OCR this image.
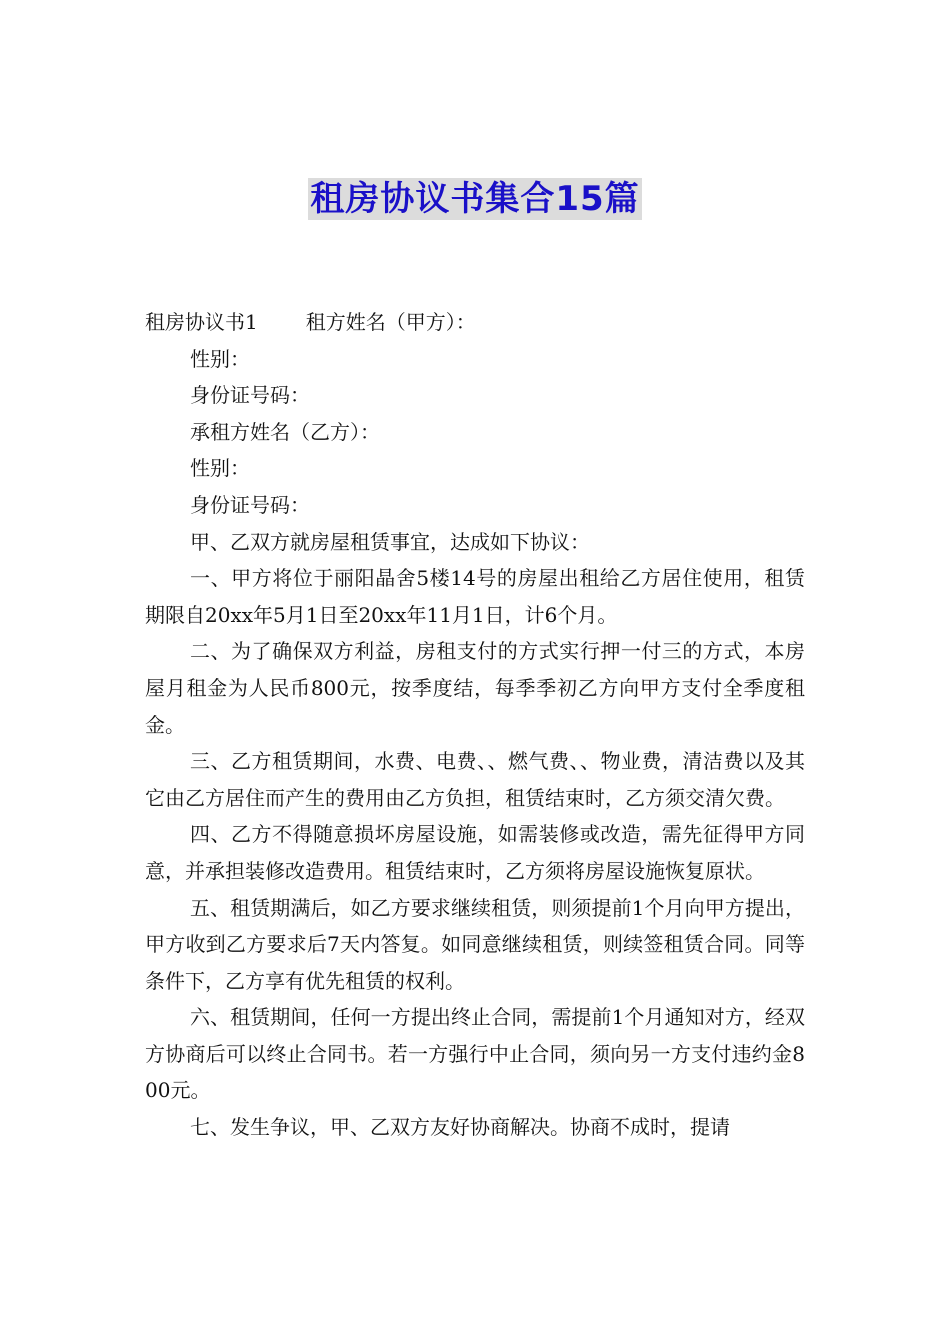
租房协议书集合15篇
租房协议书1 租方姓名（甲方）：
性别：
身份证号码：
承租方姓名（乙方）：
性别：
身份证号码：
甲、乙双方就房屋租赁事宜，达成如下协议：

一、甲方将位于丽阳晶舍5楼14号的房屋出租给乙方居住使用，租赁期限自20xx年5月1日至20xx年11月1日，计6个月。

二、为了确保双方利益，房租支付的方式实行押一付三的方式，本房屋月租金为人民币800元，按季度结，每季季初乙方向甲方支付全季度租金。

三、乙方租赁期间，水费、电费、、燃气费、、物业费，清洁费以及其它由乙方居住而产生的费用由乙方负担，租赁结束时，乙方须交清欠费。

四、乙方不得随意损坏房屋设施，如需装修或改造，需先征得甲方同意，并承担装修改造费用。租赁结束时，乙方须将房屋设施恢复原状。

五、租赁期满后，如乙方要求继续租赁，则须提前1个月向甲方提出，甲方收到乙方要求后7天内答复。如同意继续租赁，则续签租赁合同。同等条件下，乙方享有优先租赁的权利。

六、租赁期间，任何一方提出终止合同，需提前1个月通知对方，经双方协商后可以终止合同书。若一方强行中止合同，须向另一方支付违约金800元。

七、发生争议，甲、乙双方友好协商解决。协商不成时，提请
